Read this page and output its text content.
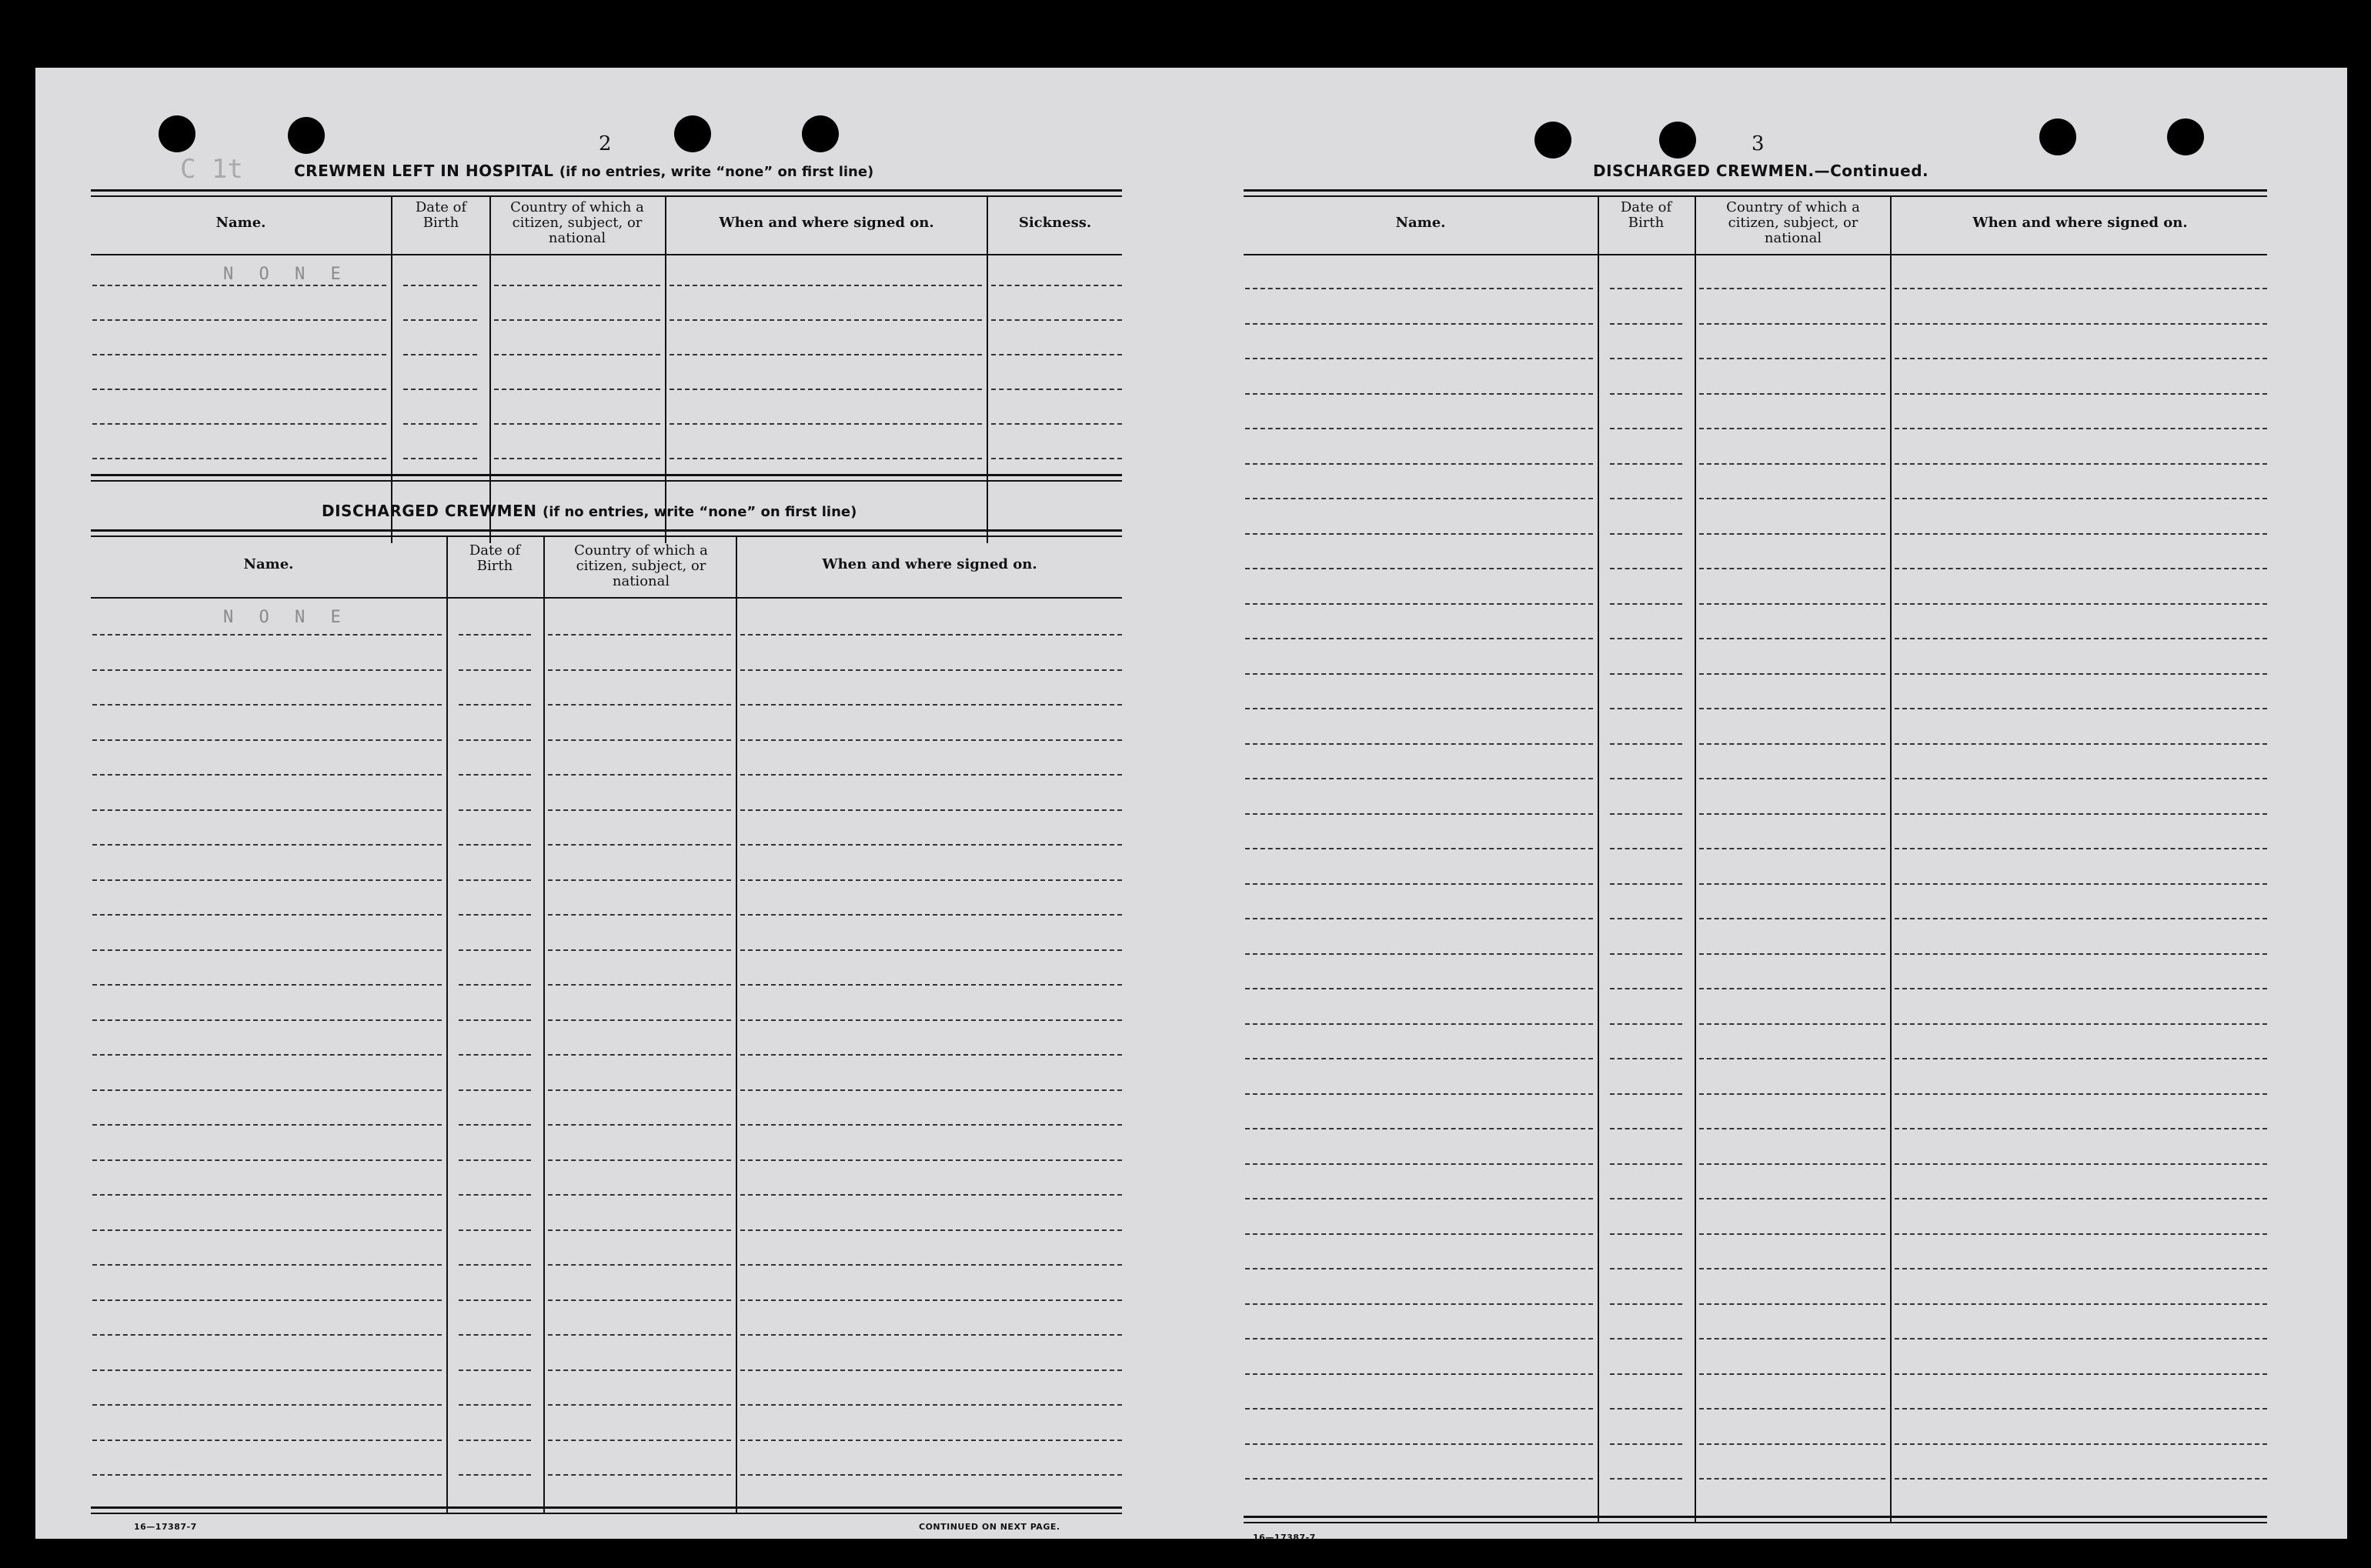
C 1t
2
CREWMEN LEFT IN HOSPITAL (if no entries, write “none” on first line)
Name.
Date of Birth
Country of which a citizen, subject, or national
When and where signed on.	Sickness.
N O N E
DISCHARGED CREWMEN (if no entries, write “none” on first line)
Name.
Date of Birth
Country of which a citizen, subject, or national
When and where signed on.
N O N E
16—17387-7	CONTINUED ON NEXT PAGE.
3
DISCHARGED CREWMEN.—Continued.
Name.
Date of Birth
Country of which a citizen, subject, or national
When and where signed on.
16—17387-7
